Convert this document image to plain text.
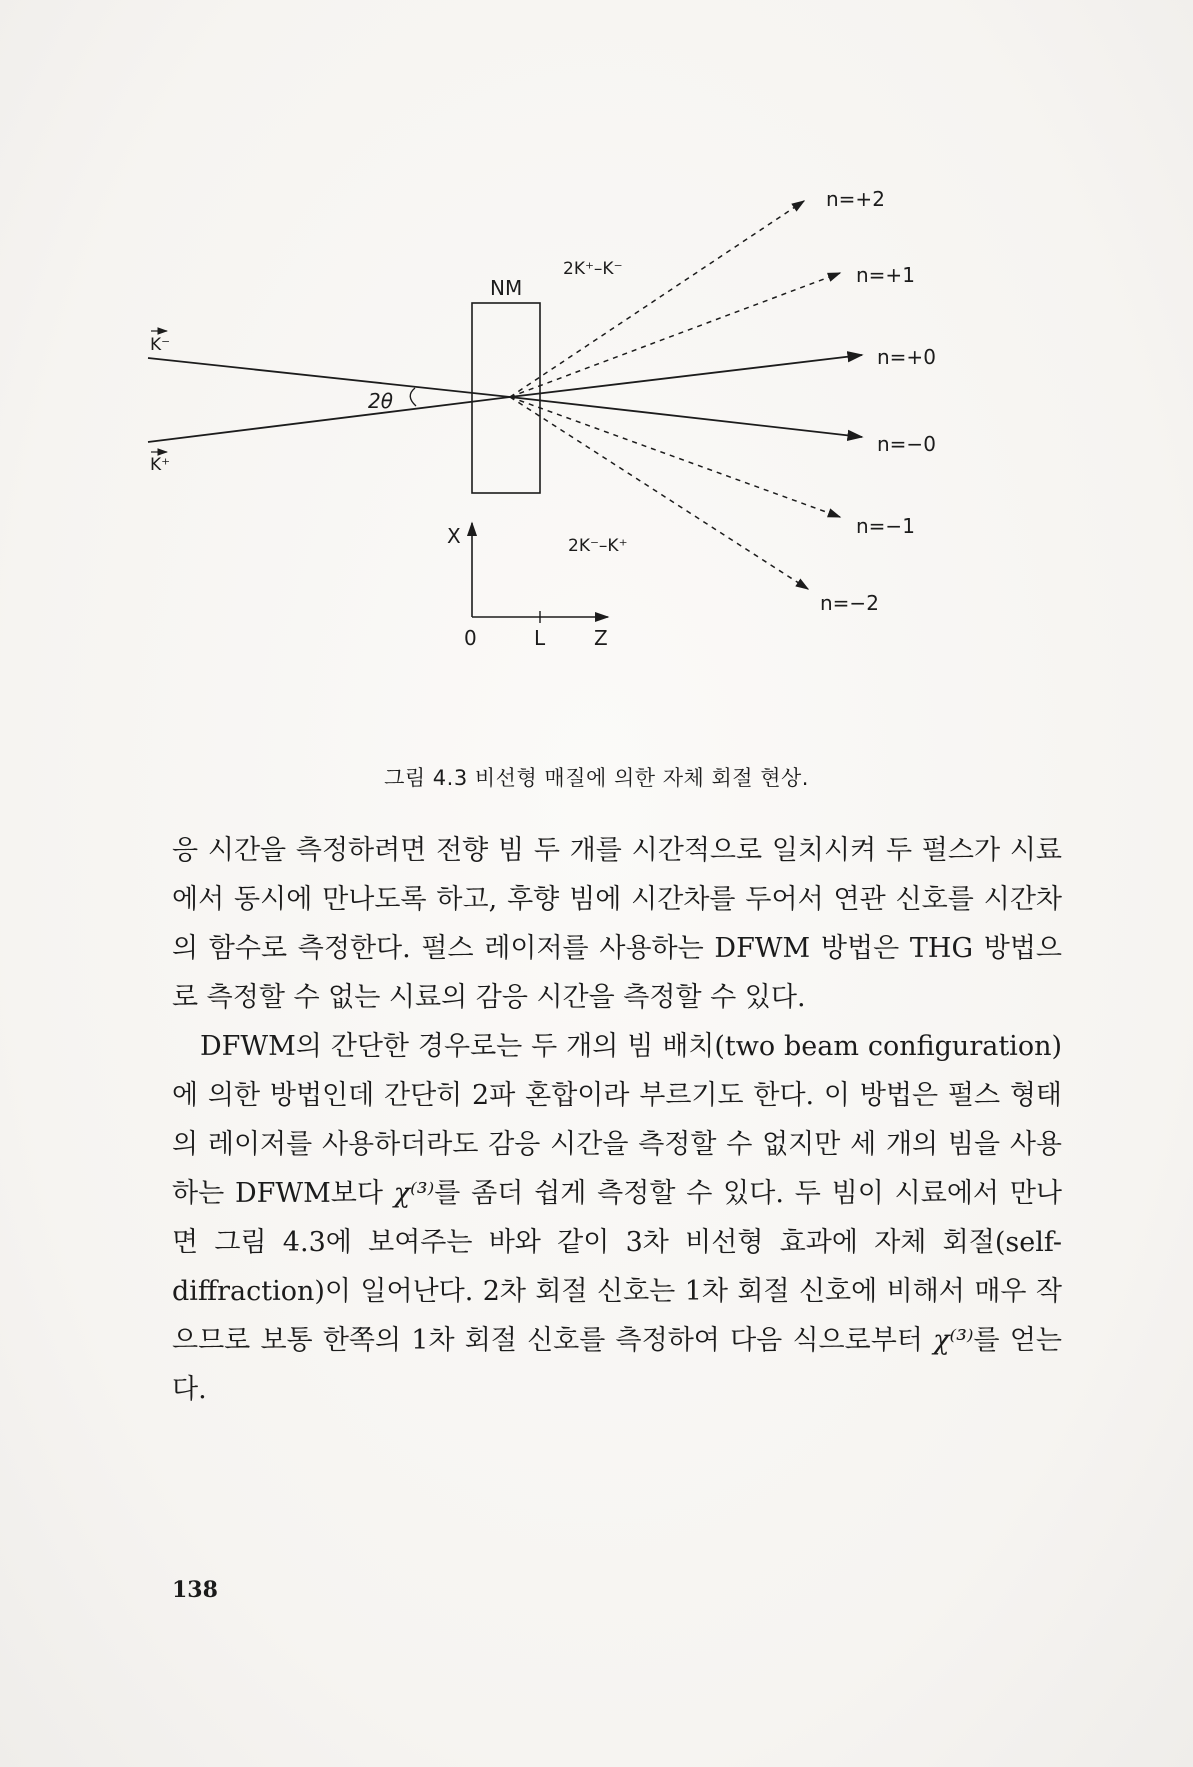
K⁻
K⁺
NM
2θ
2K⁺–K⁻
2K⁻–K⁺
X
Z
0	L
n=+2
n=+1
n=+0
n=−0
n=−1
n=−2
그림 4.3 비선형 매질에 의한 자체 회절 현상.

응 시간을 측정하려면 전향 빔 두 개를 시간적으로 일치시켜 두 펄스가 시료에서 동시에 만나도록 하고, 후향 빔에 시간차를 두어서 연관 신호를 시간차의 함수로 측정한다. 펄스 레이저를 사용하는 DFWM 방법은 THG 방법으로 측정할 수 없는 시료의 감응 시간을 측정할 수 있다.

DFWM의 간단한 경우로는 두 개의 빔 배치(two beam configuration)에 의한 방법인데 간단히 2파 혼합이라 부르기도 한다. 이 방법은 펄스 형태의 레이저를 사용하더라도 감응 시간을 측정할 수 없지만 세 개의 빔을 사용하는 DFWM보다 χ⁽³⁾를 좀더 쉽게 측정할 수 있다. 두 빔이 시료에서 만나면 그림 4.3에 보여주는 바와 같이 3차 비선형 효과에 자체 회절(self-diffraction)이 일어난다. 2차 회절 신호는 1차 회절 신호에 비해서 매우 작으므로 보통 한쪽의 1차 회절 신호를 측정하여 다음 식으로부터 χ⁽³⁾를 얻는다.

138
